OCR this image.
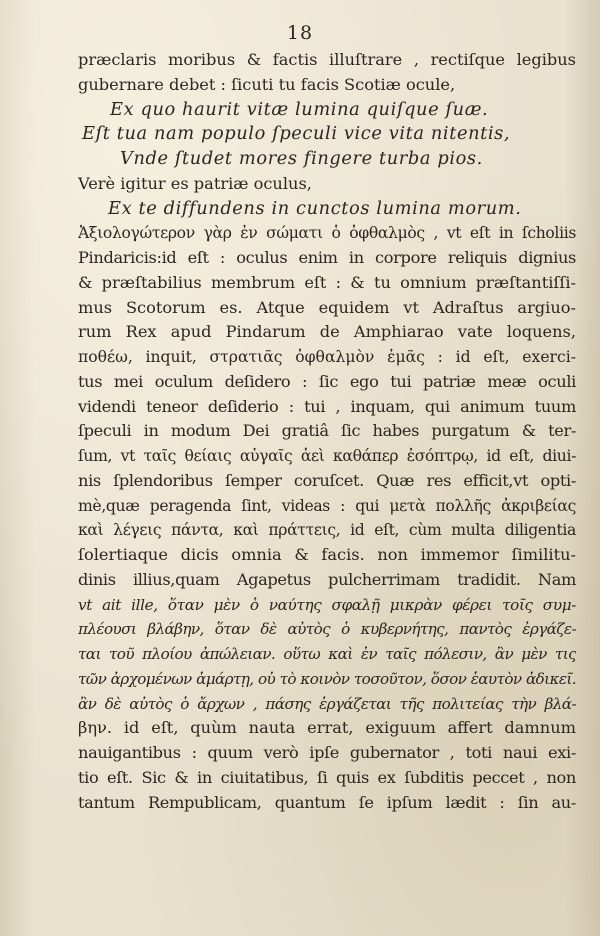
18
præclaris moribus & factis illuſtrare , rectiſque legibus
gubernare debet : ſicuti tu facis Scotiæ ocule,
Ex quo haurit vitæ lumina quiſque ſuæ.
Eſt tua nam populo ſpeculi vice vita nitentis,
Vnde ſtudet mores fingere turba pios.
Verè igitur es patriæ oculus,
Ex te diffundens in cunctos lumina morum.
Ἀξιολογώτερον γὰρ ἐν σώματι ὁ ὀφθαλμὸς , vt eſt in ſcholiis
Pindaricis:id eſt : oculus enim in corpore reliquis dignius
& præſtabilius membrum eſt : & tu omnium præſtantiſſi-
mus Scotorum es. Atque equidem vt Adraſtus argiuo-
rum Rex apud Pindarum de Amphiarao vate loquens,
ποθέω, inquit, στρατιᾶς ὀφθαλμὸν ἐμᾶς : id eſt, exerci-
tus mei oculum deſidero : ſic ego tui patriæ meæ oculi
videndi teneor deſiderio : tui , inquam, qui animum tuum
ſpeculi in modum Dei gratiâ ſic habes purgatum & ter-
ſum, vt ταῖς θείαις αὐγαῖς ἀεὶ καθάπερ ἐσόπτρῳ, id eſt, diui-
nis ſplendoribus ſemper coruſcet. Quæ res efficit,vt opti-
mè,quæ peragenda ſint, videas : qui μετὰ πολλῆς ἀκριβείας
καὶ λέγεις πάντα, καὶ πράττεις, id eſt, cùm multa diligentia
ſolertiaque dicis omnia & facis. non immemor ſimilitu-
dinis illius,quam Agapetus pulcherrimam tradidit. Nam
vt ait ille, ὅταν μὲν ὁ ναύτης σφαλῇ μικρὰν φέρει τοῖς συμ-
πλέουσι βλάβην, ὅταν δὲ αὐτὸς ὁ κυβερνήτης, παντὸς ἐργάζε-
ται τοῦ πλοίου ἀπώλειαν. οὕτω καὶ ἐν ταῖς πόλεσιν, ἂν μὲν τις
τῶν ἀρχομένων ἁμάρτῃ, οὐ τὸ κοινὸν τοσοῦτον, ὅσον ἑαυτὸν ἀδικεῖ.
ἂν δὲ αὐτὸς ὁ ἄρχων , πάσης ἐργάζεται τῆς πολιτείας τὴν βλά-
βην. id eſt, quùm nauta errat, exiguum affert damnum
nauigantibus : quum verò ipſe gubernator , toti naui exi-
tio eſt. Sic & in ciuitatibus, ſi quis ex ſubditis peccet , non
tantum Rempublicam, quantum ſe ipſum lædit : ſin au-
